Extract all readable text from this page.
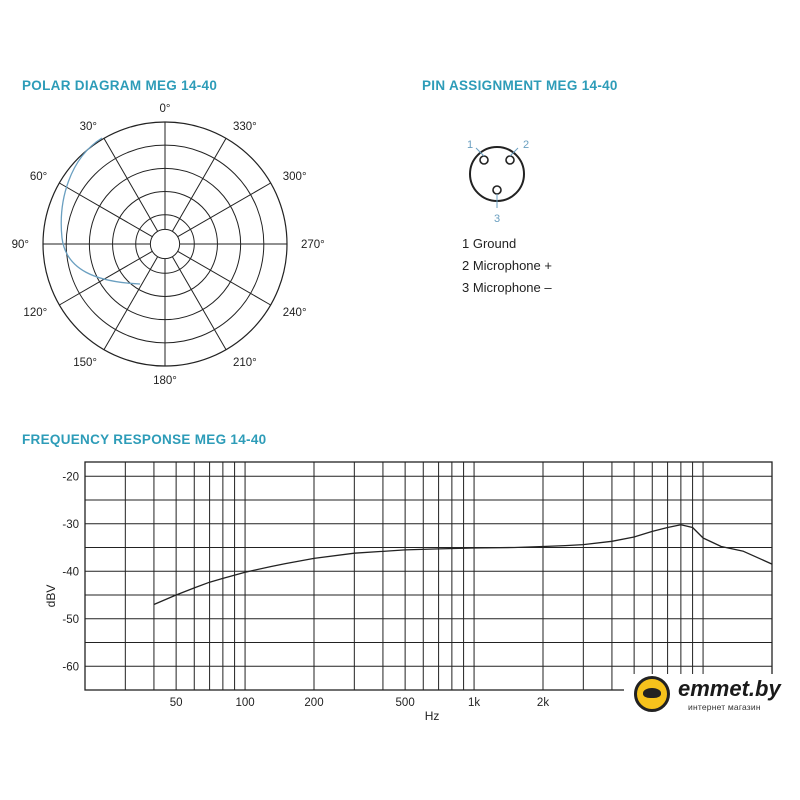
POLAR DIAGRAM MEG 14-40	PIN ASSIGNMENT MEG 14-40
FREQUENCY RESPONSE MEG 14-40
0°
30°
60°
90°
120°
150°
180°
210°
240°
270°
300°
330°
1	2
3
1 Ground
2 Microphone +
3 Microphone –
-20
-30
-40
-50
-60
50	100	200	500	1k	2k
Hz
dBV
emmet.by
интернет магазин
